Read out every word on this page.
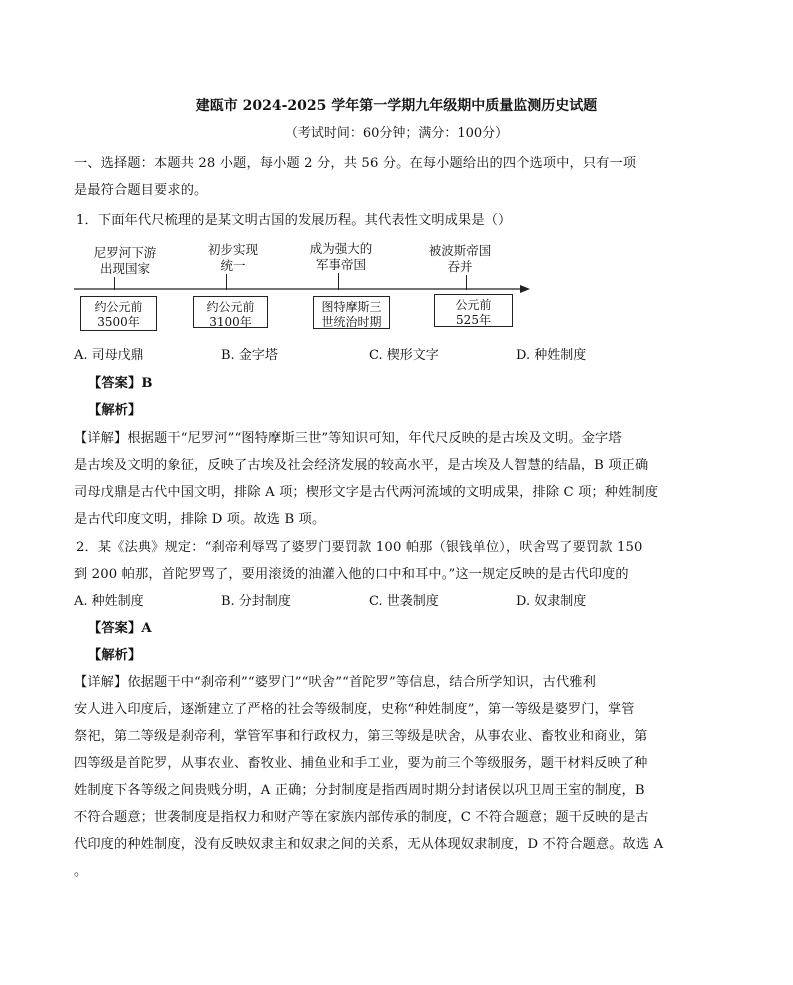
建瓯市 2024-2025 学年第一学期九年级期中质量监测历史试题
（考试时间：60分钟；满分：100分）
一、选择题：本题共 28 小题，每小题 2 分，共 56 分。在每小题给出的四个选项中，只有一项
是最符合题目要求的。
1．下面年代尺梳理的是某文明古国的发展历程。其代表性文明成果是（）
尼罗河下游
出现国家
约公元前
3500年
初步实现
统一
约公元前
3100年
成为强大的
军事帝国
图特摩斯三
世统治时期
被波斯帝国
吞并
公元前
525年
A. 司母戊鼎	B. 金字塔	C. 楔形文字	D. 种姓制度
【答案】B
【解析】
【详解】根据题干“尼罗河”“图特摩斯三世”等知识可知，年代尺反映的是古埃及文明。金字塔
是古埃及文明的象征，反映了古埃及社会经济发展的较高水平，是古埃及人智慧的结晶，B 项正确
司母戊鼎是古代中国文明，排除 A 项；楔形文字是古代两河流域的文明成果，排除 C 项；种姓制度
是古代印度文明，排除 D 项。故选 B 项。
2．某《法典》规定：“刹帝利辱骂了婆罗门要罚款 100 帕那（银钱单位），吠舍骂了要罚款 150
到 200 帕那，首陀罗骂了，要用滚烫的油灌入他的口中和耳中。”这一规定反映的是古代印度的
A. 种姓制度	B. 分封制度	C. 世袭制度	D. 奴隶制度
【答案】A
【解析】
【详解】依据题干中“刹帝利”“婆罗门”“吠舍”“首陀罗”等信息，结合所学知识，古代雅利
安人进入印度后，逐渐建立了严格的社会等级制度，史称“种姓制度”，第一等级是婆罗门，掌管
祭祀，第二等级是刹帝利，掌管军事和行政权力，第三等级是吠舍，从事农业、畜牧业和商业，第
四等级是首陀罗，从事农业、畜牧业、捕鱼业和手工业，要为前三个等级服务，题干材料反映了种
姓制度下各等级之间贵贱分明，A 正确；分封制度是指西周时期分封诸侯以巩卫周王室的制度，B
不符合题意；世袭制度是指权力和财产等在家族内部传承的制度，C 不符合题意；题干反映的是古
代印度的种姓制度，没有反映奴隶主和奴隶之间的关系，无从体现奴隶制度，D 不符合题意。故选 A
。
